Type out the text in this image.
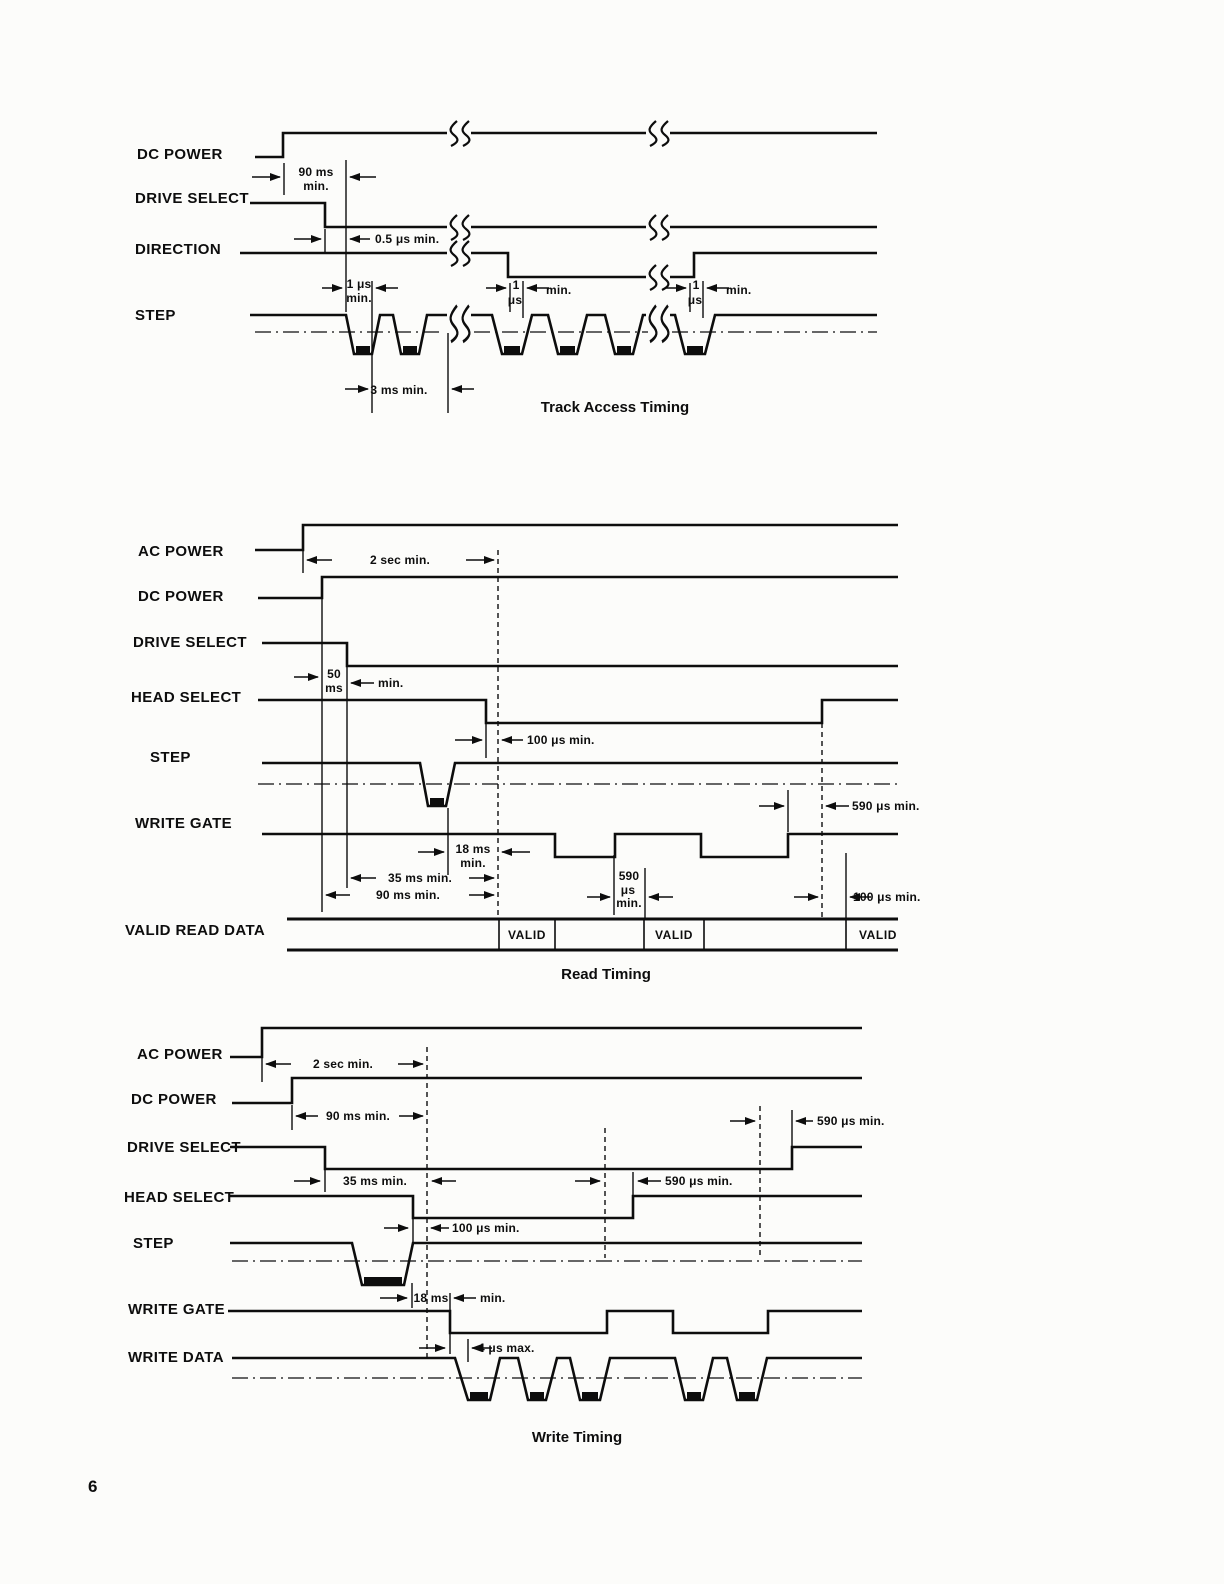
DC POWER
DRIVE SELECT
DIRECTION
STEP
90 ms
min.
0.5 μs min.
1 μs
min.
1
μs
min.	1
μs
min.
3 ms min.
Track Access Timing
AC POWER
DC POWER
DRIVE SELECT
HEAD SELECT
STEP
WRITE GATE
VALID READ DATA
2 sec min.
50
ms	min.
100 μs min.
18 ms
min.
35 ms min.
90 ms min.
590
μs
min.
590 μs min.
100 μs min.
VALID	VALID	VALID
Read Timing
AC POWER
DC POWER
DRIVE SELECT
HEAD SELECT
STEP
WRITE GATE
WRITE DATA
2 sec min.
90 ms min.
35 ms min.	590 μs min.
590 μs min.
100 μs min.
18 ms	min.
4 μs max.
Write Timing
6
